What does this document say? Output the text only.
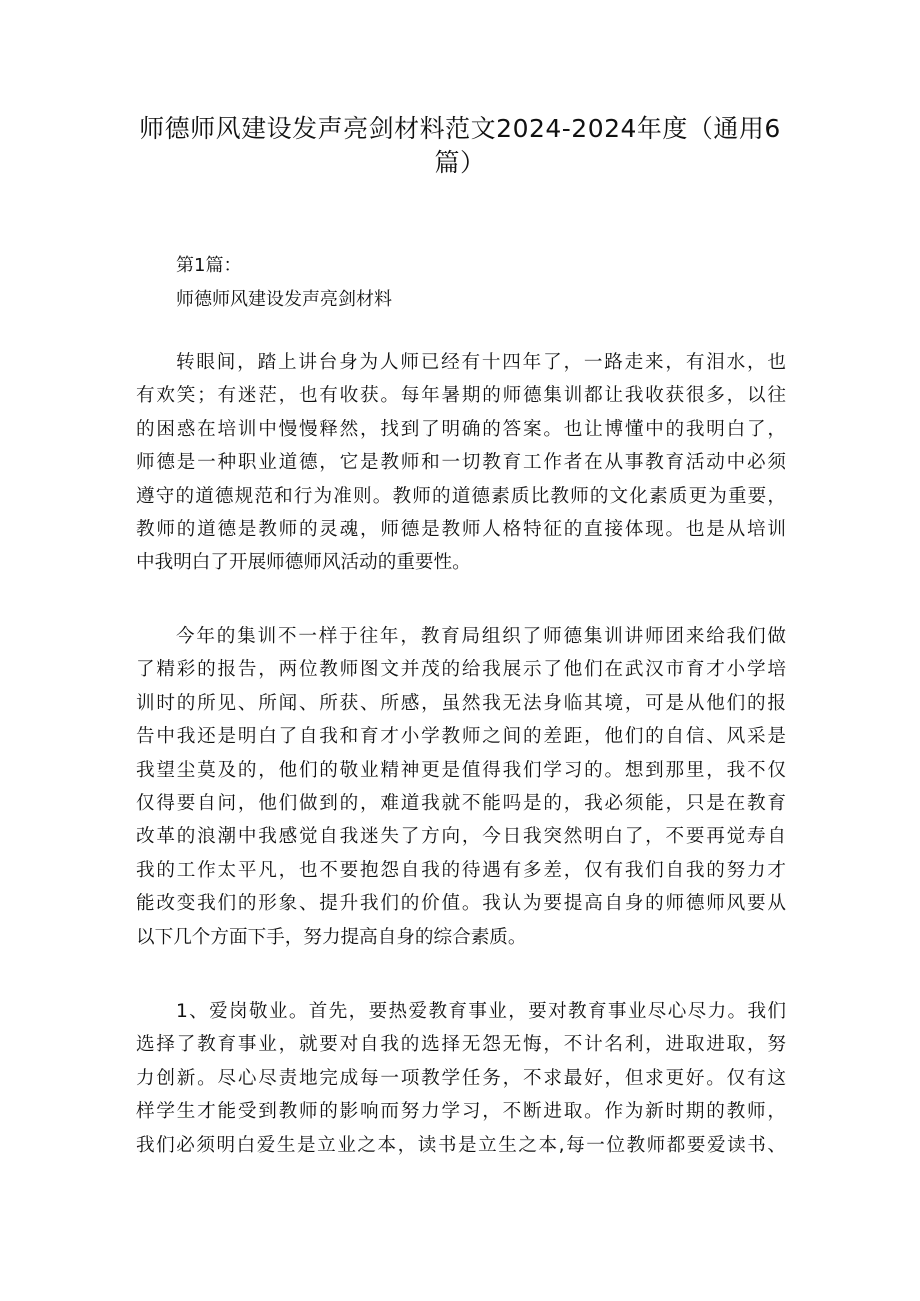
师德师风建设发声亮剑材料范文2024-2024年度（通用6
篇）

第1篇：

师德师风建设发声亮剑材料

转眼间，踏上讲台身为人师已经有十四年了，一路走来，有泪水，也
有欢笑；有迷茫，也有收获。每年暑期的师德集训都让我收获很多，以往
的困惑在培训中慢慢释然，找到了明确的答案。也让博懂中的我明白了，
师德是一种职业道德，它是教师和一切教育工作者在从事教育活动中必须
遵守的道德规范和行为准则。教师的道德素质比教师的文化素质更为重要，
教师的道德是教师的灵魂，师德是教师人格特征的直接体现。也是从培训
中我明白了开展师德师风活动的重要性。
今年的集训不一样于往年，教育局组织了师德集训讲师团来给我们做
了精彩的报告，两位教师图文并茂的给我展示了他们在武汉市育才小学培
训时的所见、所闻、所获、所感，虽然我无法身临其境，可是从他们的报
告中我还是明白了自我和育才小学教师之间的差距，他们的自信、风采是
我望尘莫及的，他们的敬业精神更是值得我们学习的。想到那里，我不仅
仅得要自问，他们做到的，难道我就不能吗是的，我必须能，只是在教育
改革的浪潮中我感觉自我迷失了方向，今日我突然明白了，不要再觉寿自
我的工作太平凡，也不要抱怨自我的待遇有多差，仅有我们自我的努力才
能改变我们的形象、提升我们的价值。我认为要提高自身的师德师风要从
以下几个方面下手，努力提高自身的综合素质。
1、爱岗敬业。首先，要热爱教育事业，要对教育事业尽心尽力。我们
选择了教育事业，就要对自我的选择无怨无悔，不计名利，进取进取，努
力创新。尽心尽责地完成每一项教学任务，不求最好，但求更好。仅有这
样学生才能受到教师的影响而努力学习，不断进取。作为新时期的教师，
我们必须明白爱生是立业之本，读书是立生之本,每一位教师都要爱读书、
